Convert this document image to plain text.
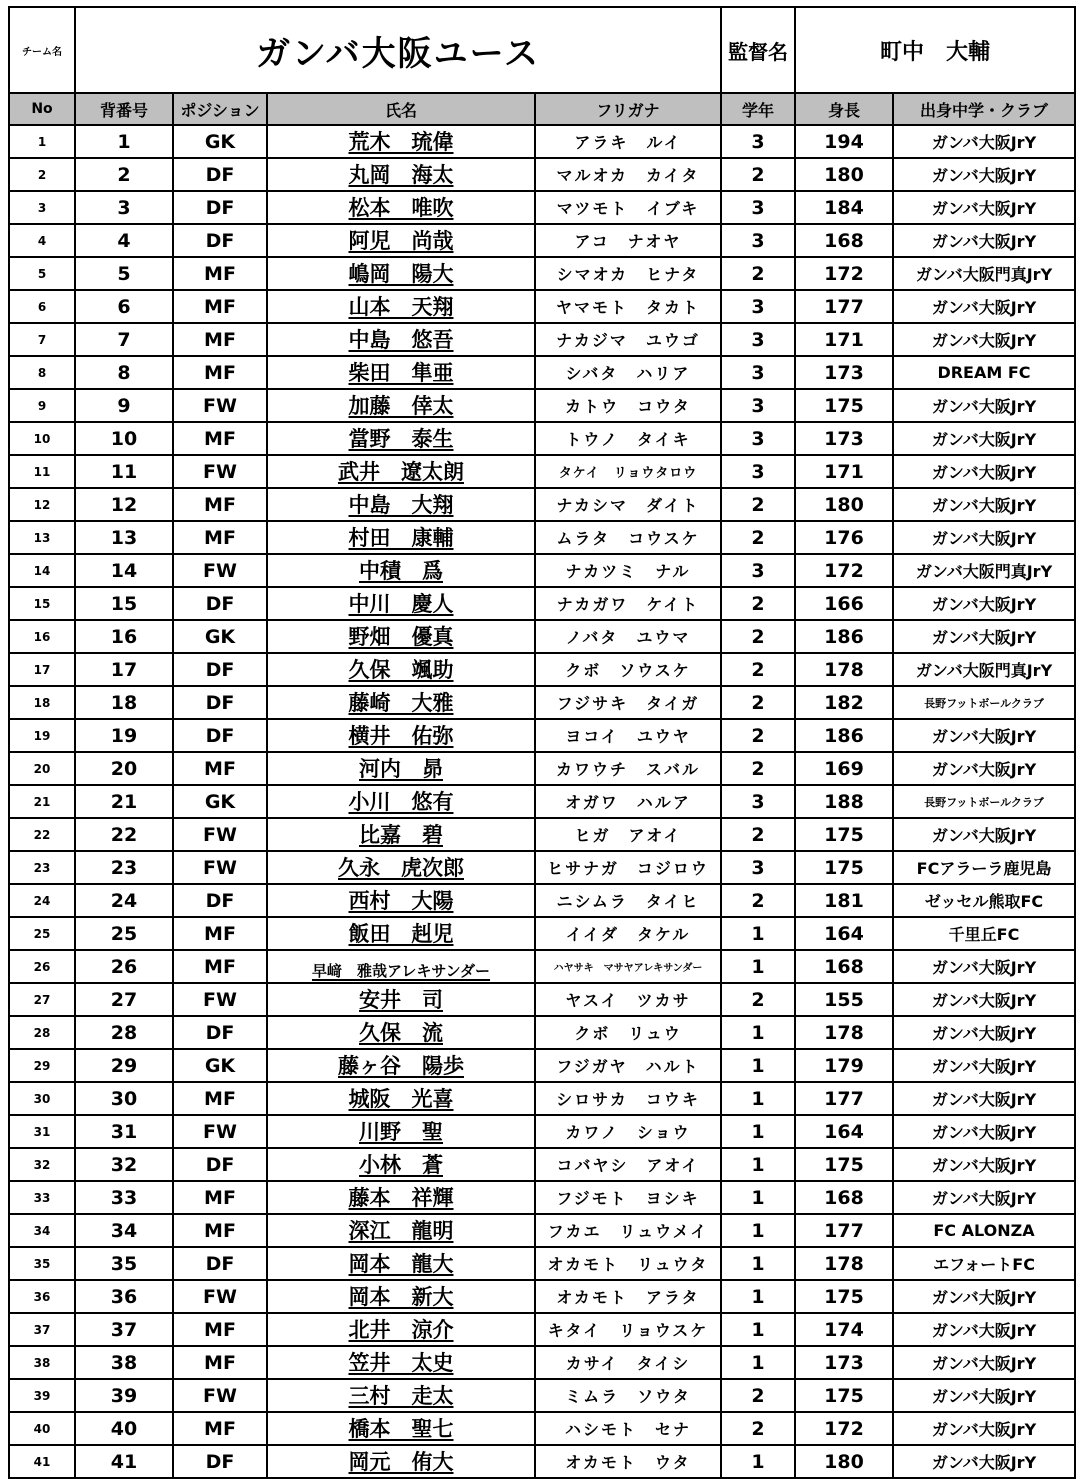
チーム名	ガンバ大阪ユース				監督名	町中　大輔	
No	背番号	ポジション	氏名	フリガナ	学年	身長	出身中学・クラブ
1	1	GK	荒木　琉偉	アラキ　ルイ	3	194	ガンバ大阪JrY
2	2	DF	丸岡　海太	マルオカ　カイタ	2	180	ガンバ大阪JrY
3	3	DF	松本　唯吹	マツモト　イブキ	3	184	ガンバ大阪JrY
4	4	DF	阿児　尚哉	アコ　ナオヤ	3	168	ガンバ大阪JrY
5	5	MF	嶋岡　陽大	シマオカ　ヒナタ	2	172	ガンバ大阪門真JrY
6	6	MF	山本　天翔	ヤマモト　タカト	3	177	ガンバ大阪JrY
7	7	MF	中島　悠吾	ナカジマ　ユウゴ	3	171	ガンバ大阪JrY
8	8	MF	柴田　隼亜	シバタ　ハリア	3	173	DREAM FC
9	9	FW	加藤　倖太	カトウ　コウタ	3	175	ガンバ大阪JrY
10	10	MF	當野　泰生	トウノ　タイキ	3	173	ガンバ大阪JrY
11	11	FW	武井　遼太朗	タケイ　リョウタロウ	3	171	ガンバ大阪JrY
12	12	MF	中島　大翔	ナカシマ　ダイト	2	180	ガンバ大阪JrY
13	13	MF	村田　康輔	ムラタ　コウスケ	2	176	ガンバ大阪JrY
14	14	FW	中積　爲	ナカツミ　ナル	3	172	ガンバ大阪門真JrY
15	15	DF	中川　慶人	ナカガワ　ケイト	2	166	ガンバ大阪JrY
16	16	GK	野畑　優真	ノバタ　ユウマ	2	186	ガンバ大阪JrY
17	17	DF	久保　颯助	クボ　ソウスケ	2	178	ガンバ大阪門真JrY
18	18	DF	藤崎　大雅	フジサキ　タイガ	2	182	長野フットボールクラブ
19	19	DF	横井　佑弥	ヨコイ　ユウヤ	2	186	ガンバ大阪JrY
20	20	MF	河内　昴	カワウチ　スバル	2	169	ガンバ大阪JrY
21	21	GK	小川　悠有	オガワ　ハルア	3	188	長野フットボールクラブ
22	22	FW	比嘉　碧	ヒガ　アオイ	2	175	ガンバ大阪JrY
23	23	FW	久永　虎次郎	ヒサナガ　コジロウ	3	175	FCアラーラ鹿児島
24	24	DF	西村　大陽	ニシムラ　タイヒ	2	181	ゼッセル熊取FC
25	25	MF	飯田　赳児	イイダ　タケル	1	164	千里丘FC
26	26	MF	早﨑　雅哉アレキサンダー	ハヤサキ　マサヤアレキサンダー	1	168	ガンバ大阪JrY
27	27	FW	安井　司	ヤスイ　ツカサ	2	155	ガンバ大阪JrY
28	28	DF	久保　流	クボ　リュウ	1	178	ガンバ大阪JrY
29	29	GK	藤ヶ谷　陽歩	フジガヤ　ハルト	1	179	ガンバ大阪JrY
30	30	MF	城阪　光喜	シロサカ　コウキ	1	177	ガンバ大阪JrY
31	31	FW	川野　聖	カワノ　ショウ	1	164	ガンバ大阪JrY
32	32	DF	小林　蒼	コバヤシ　アオイ	1	175	ガンバ大阪JrY
33	33	MF	藤本　祥輝	フジモト　ヨシキ	1	168	ガンバ大阪JrY
34	34	MF	深江　龍明	フカエ　リュウメイ	1	177	FC ALONZA
35	35	DF	岡本　龍大	オカモト　リュウタ	1	178	エフォートFC
36	36	FW	岡本　新大	オカモト　アラタ	1	175	ガンバ大阪JrY
37	37	MF	北井　涼介	キタイ　リョウスケ	1	174	ガンバ大阪JrY
38	38	MF	笠井　太史	カサイ　タイシ	1	173	ガンバ大阪JrY
39	39	FW	三村　走太	ミムラ　ソウタ	2	175	ガンバ大阪JrY
40	40	MF	橋本　聖七	ハシモト　セナ	2	172	ガンバ大阪JrY
41	41	DF	岡元　侑大	オカモト　ウタ	1	180	ガンバ大阪JrY
